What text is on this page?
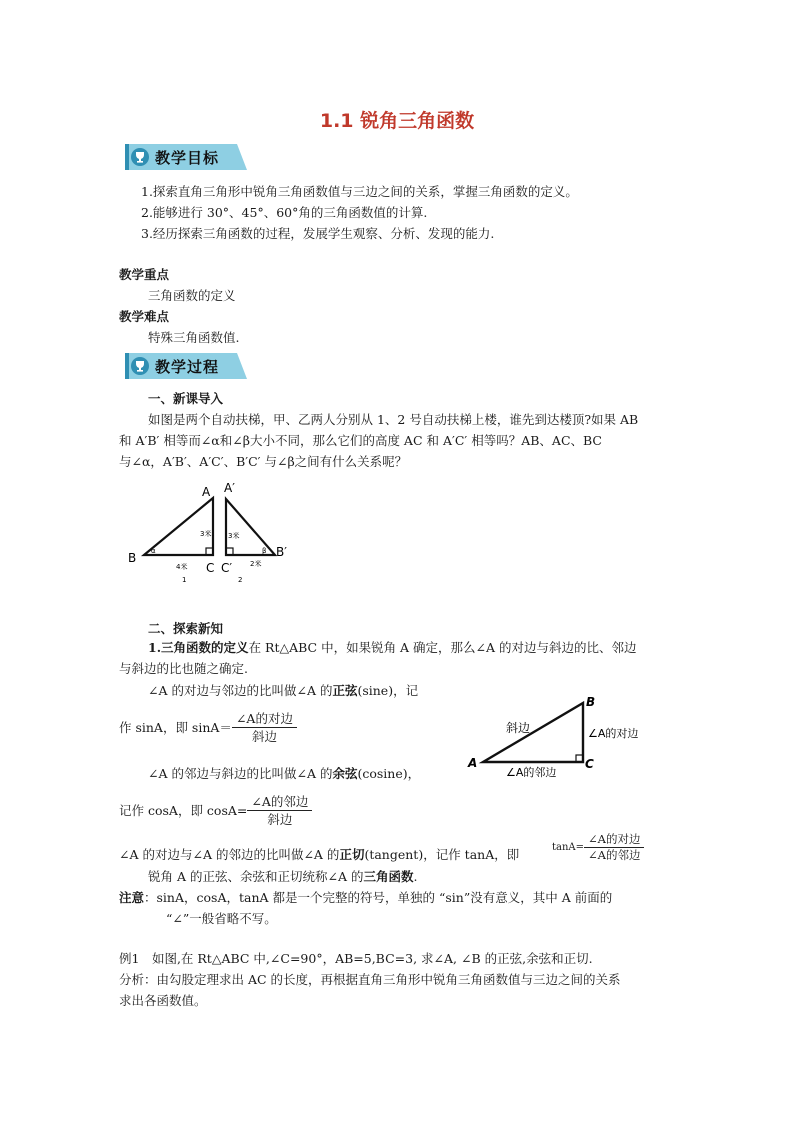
1.1 锐角三角函数
教学目标
1.探索直角三角形中锐角三角函数值与三边之间的关系，掌握三角函数的定义。
2.能够进行 30°、45°、60°角的三角函数值的计算.
3.经历探索三角函数的过程，发展学生观察、分析、发现的能力.
教学重点
三角函数的定义
教学难点
特殊三角函数值.
教学过程
一、新课导入
如图是两个自动扶梯，甲、乙两人分别从 1、2 号自动扶梯上楼，谁先到达楼顶?如果 AB
和 A′B′ 相等而∠α和∠β大小不同，那么它们的高度 AC 和 A′C′ 相等吗？AB、AC、BC
与∠α，A′B′、A′C′、B′C′ 与∠β之间有什么关系呢？
A
B
C
A′
B′
C′
3米
4米
3米
2米
α	β
1	2
二、探索新知
1.三角函数的定义在 Rt△ABC 中，如果锐角 A 确定，那么∠A 的对边与斜边的比、邻边
与斜边的比也随之确定.
∠A 的对边与邻边的比叫做∠A 的正弦(sine)，记
作 sinA，即 $\sin A= \frac{\text{∠A的对边}}{\text{斜边}}$
∠A 的邻边与斜边的比叫做∠A 的余弦(cosine)，
记作 cosA，即 $\cos A= \frac{\text{∠A的邻边}}{\text{斜边}}$
∠A 的对边与∠A 的邻边的比叫做∠A 的正切(tangent)，记作 tanA，即	$\tan A= \frac{\text{∠A的对边}}{\text{∠A的邻边}}$
锐角 A 的正弦、余弦和正切统称∠A 的三角函数.
A
B
C
斜边	∠A的对边
∠A的邻边
注意：sinA，cosA，tanA 都是一个完整的符号，单独的 “sin”没有意义，其中 A 前面的
“∠”一般省略不写。
例1　如图,在 Rt△ABC 中,∠C=90°，AB=5,BC=3, 求∠A, ∠B 的正弦,余弦和正切.
分析：由勾股定理求出 AC 的长度，再根据直角三角形中锐角三角函数值与三边之间的关系
求出各函数值。
